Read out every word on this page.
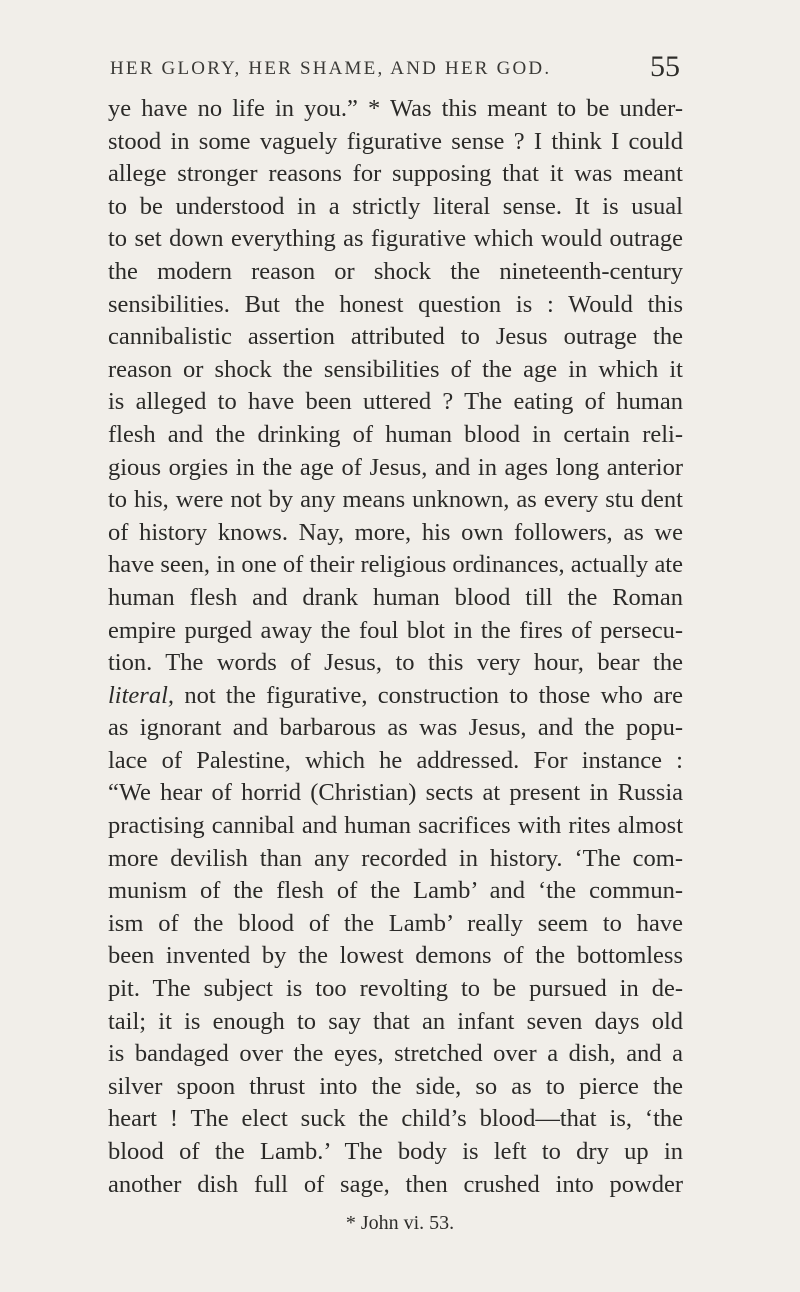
HER GLORY, HER SHAME, AND HER GOD.	55
ye have no life in you.” * Was this meant to be under-
stood in some vaguely figurative sense ? I think I could
allege stronger reasons for supposing that it was meant
to be understood in a strictly literal sense. It is usual
to set down everything as figurative which would outrage
the modern reason or shock the nineteenth-century
sensibilities. But the honest question is : Would this
cannibalistic assertion attributed to Jesus outrage the
reason or shock the sensibilities of the age in which it
is alleged to have been uttered ? The eating of human
flesh and the drinking of human blood in certain reli-
gious orgies in the age of Jesus, and in ages long anterior
to his, were not by any means unknown, as every stu dent
of history knows. Nay, more, his own followers, as we
have seen, in one of their religious ordinances, actually ate
human flesh and drank human blood till the Roman
empire purged away the foul blot in the fires of persecu-
tion. The words of Jesus, to this very hour, bear the
literal, not the figurative, construction to those who are
as ignorant and barbarous as was Jesus, and the popu-
lace of Palestine, which he addressed. For instance :
“We hear of horrid (Christian) sects at present in Russia
practising cannibal and human sacrifices with rites almost
more devilish than any recorded in history. ‘The com-
munism of the flesh of the Lamb’ and ‘the commun-
ism of the blood of the Lamb’ really seem to have
been invented by the lowest demons of the bottomless
pit. The subject is too revolting to be pursued in de-
tail; it is enough to say that an infant seven days old
is bandaged over the eyes, stretched over a dish, and a
silver spoon thrust into the side, so as to pierce the
heart ! The elect suck the child’s blood—that is, ‘the
blood of the Lamb.’ The body is left to dry up in
another dish full of sage, then crushed into powder
* John vi. 53.
